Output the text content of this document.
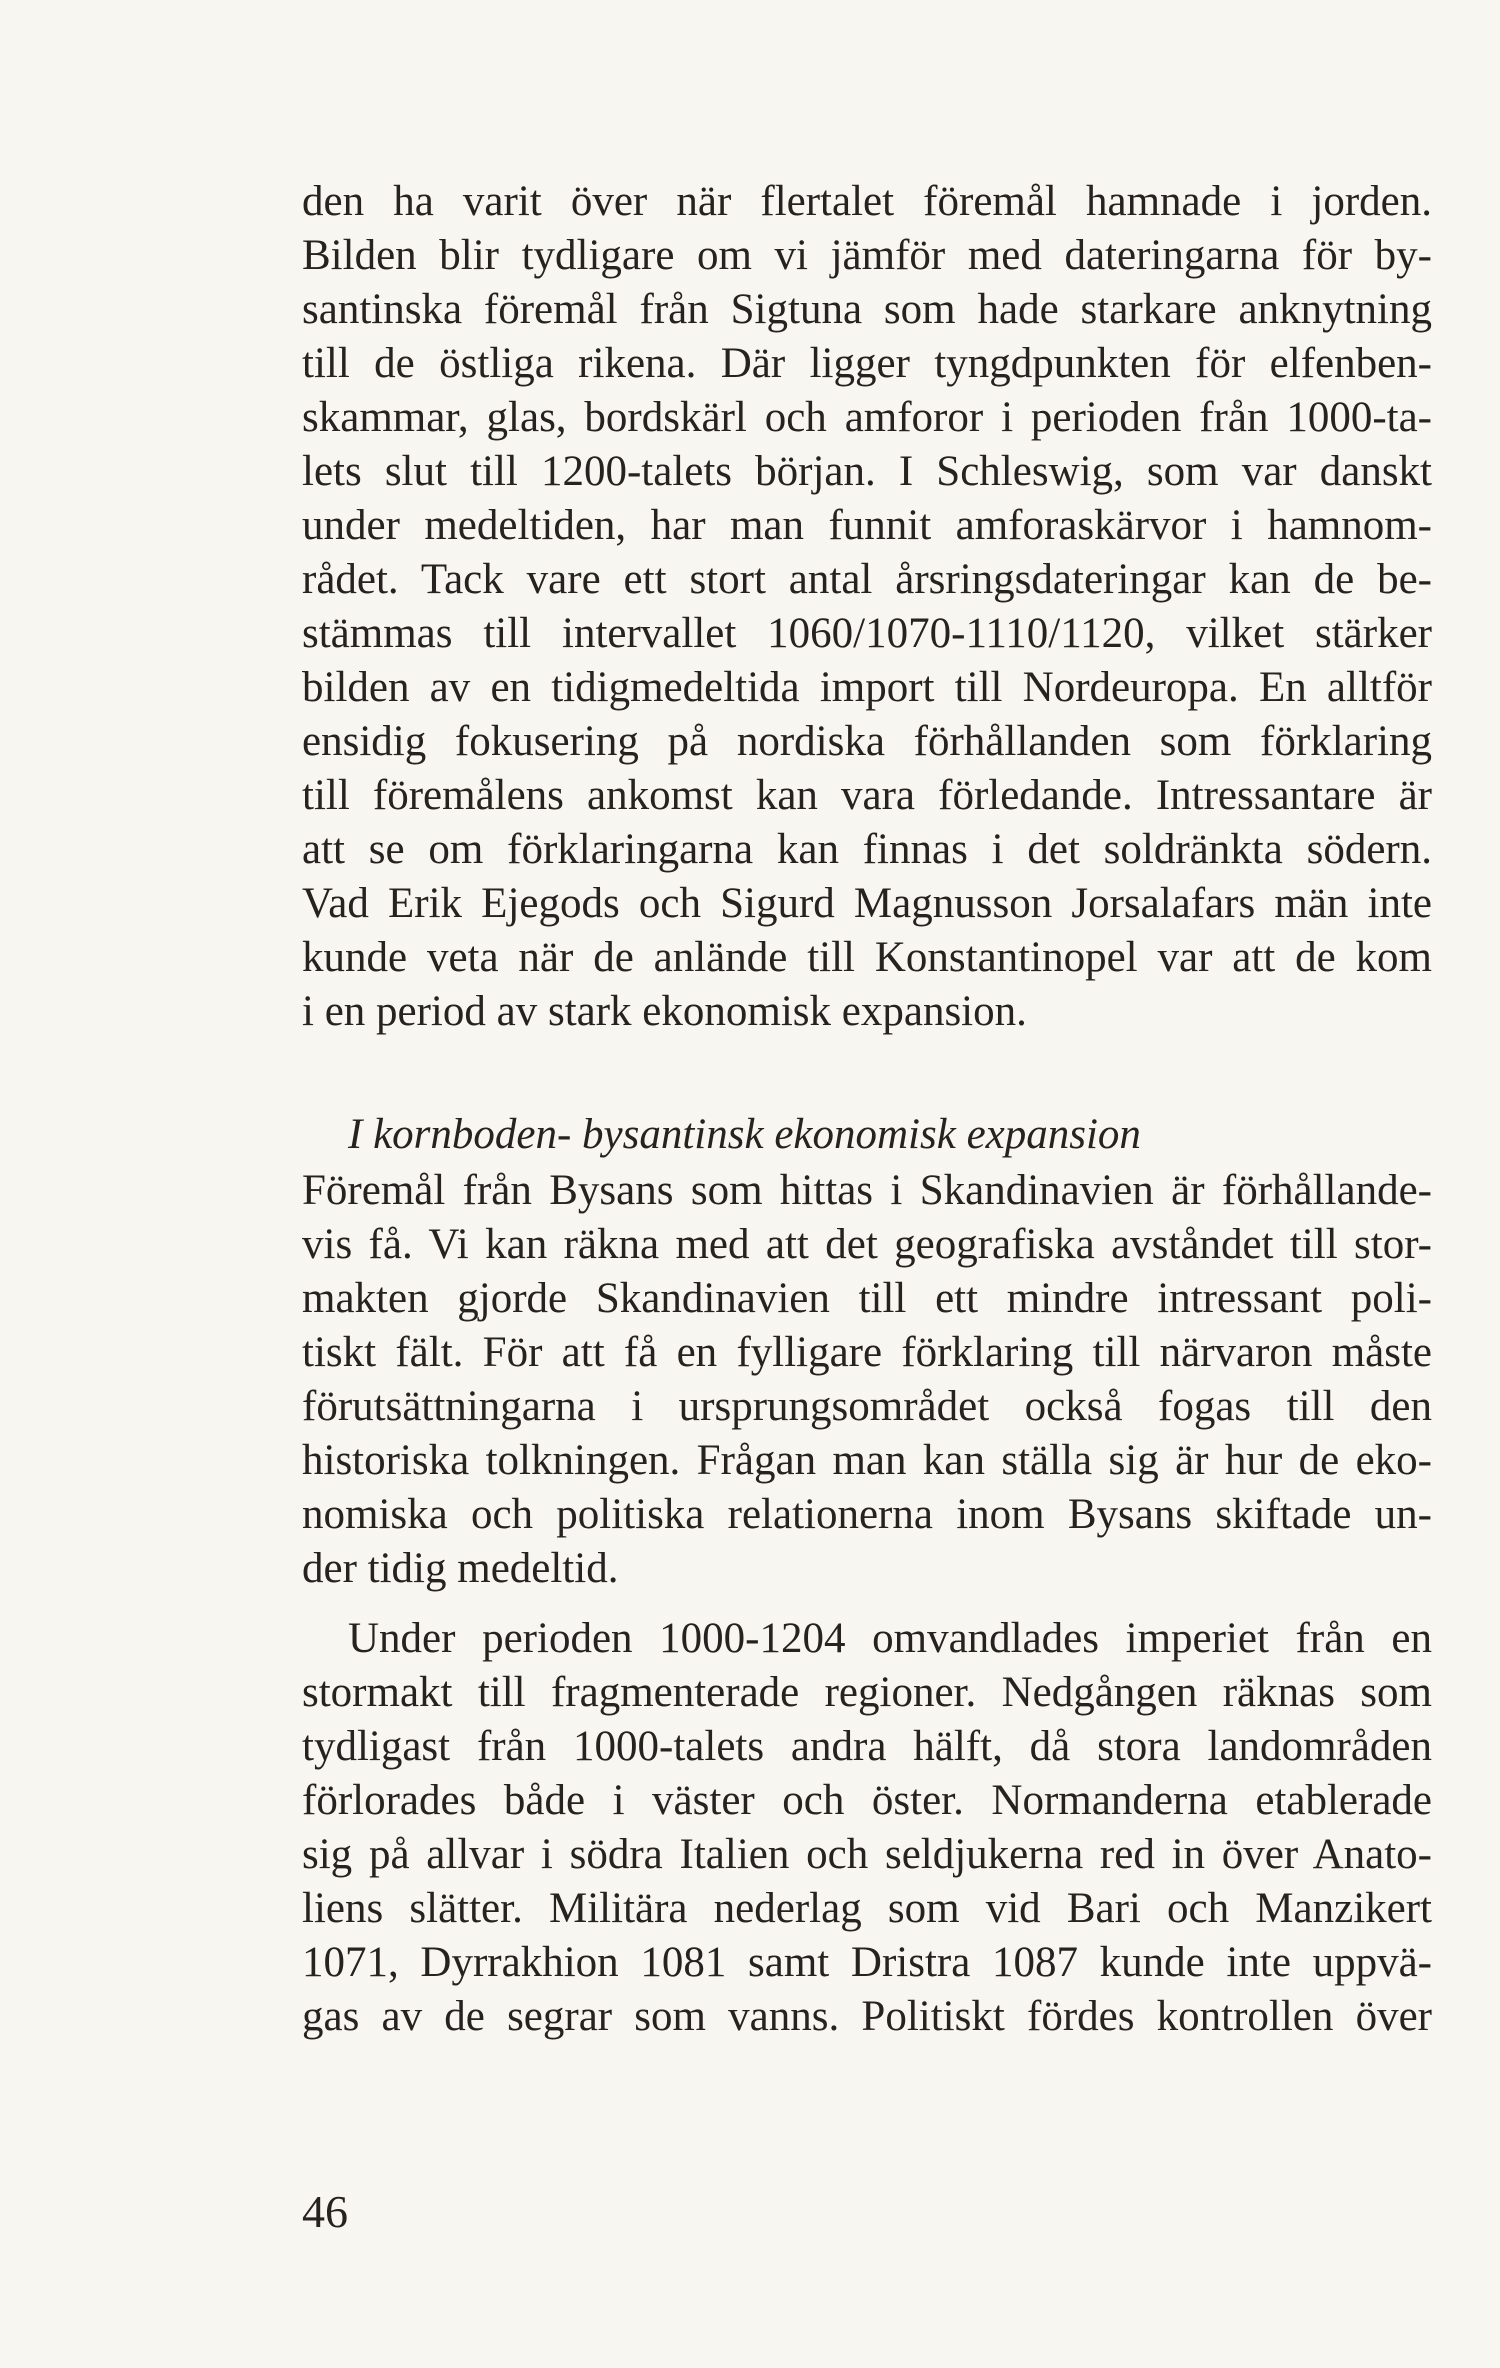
den ha varit över när flertalet föremål hamnade i jorden.
Bilden blir tydligare om vi jämför med dateringarna för by-
santinska föremål från Sigtuna som hade starkare anknytning
till de östliga rikena. Där ligger tyngdpunkten för elfenben-
skammar, glas, bordskärl och amforor i perioden från 1000-ta-
lets slut till 1200-talets början. I Schleswig, som var danskt
under medeltiden, har man funnit amforaskärvor i hamnom-
rådet. Tack vare ett stort antal årsringsdateringar kan de be-
stämmas till intervallet 1060/1070-1110/1120, vilket stärker
bilden av en tidigmedeltida import till Nordeuropa. En alltför
ensidig fokusering på nordiska förhållanden som förklaring
till föremålens ankomst kan vara förledande. Intressantare är
att se om förklaringarna kan finnas i det soldränkta södern.
Vad Erik Ejegods och Sigurd Magnusson Jorsalafars män inte
kunde veta när de anlände till Konstantinopel var att de kom
i en period av stark ekonomisk expansion.
I kornboden- bysantinsk ekonomisk expansion
Föremål från Bysans som hittas i Skandinavien är förhållande-
vis få. Vi kan räkna med att det geografiska avståndet till stor-
makten gjorde Skandinavien till ett mindre intressant poli-
tiskt fält. För att få en fylligare förklaring till närvaron måste
förutsättningarna i ursprungsområdet också fogas till den
historiska tolkningen. Frågan man kan ställa sig är hur de eko-
nomiska och politiska relationerna inom Bysans skiftade un-
der tidig medeltid.
Under perioden 1000-1204 omvandlades imperiet från en
stormakt till fragmenterade regioner. Nedgången räknas som
tydligast från 1000-talets andra hälft, då stora landområden
förlorades både i väster och öster. Normanderna etablerade
sig på allvar i södra Italien och seldjukerna red in över Anato-
liens slätter. Militära nederlag som vid Bari och Manzikert
1071, Dyrrakhion 1081 samt Dristra 1087 kunde inte uppvä-
gas av de segrar som vanns. Politiskt fördes kontrollen över
46
